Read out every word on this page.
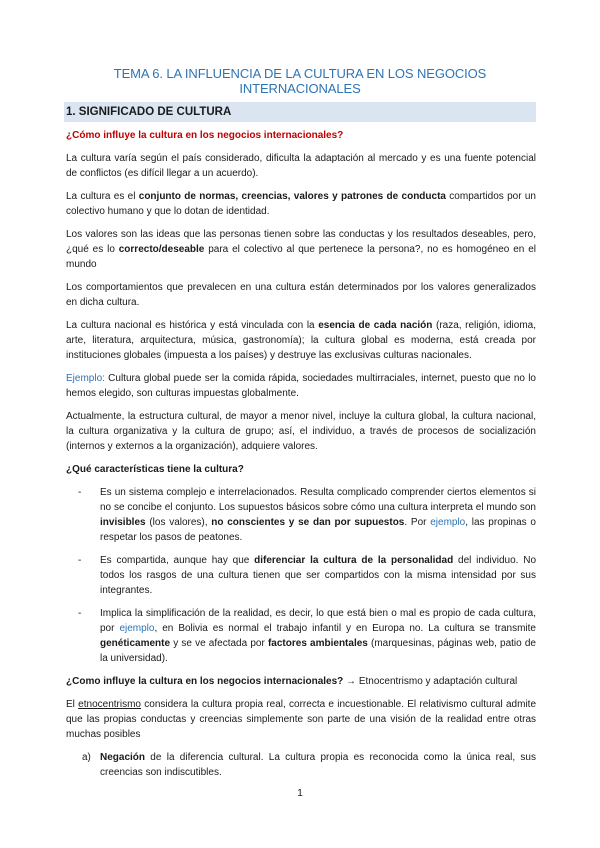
TEMA 6. LA INFLUENCIA DE LA CULTURA EN LOS NEGOCIOS INTERNACIONALES
1. SIGNIFICADO DE CULTURA

¿Cómo influye la cultura en los negocios internacionales?

La cultura varía según el país considerado, dificulta la adaptación al mercado y es una fuente potencial de conflictos (es difícil llegar a un acuerdo).

La cultura es el conjunto de normas, creencias, valores y patrones de conducta compartidos por un colectivo humano y que lo dotan de identidad.

Los valores son las ideas que las personas tienen sobre las conductas y los resultados deseables, pero, ¿qué es lo correcto/deseable para el colectivo al que pertenece la persona?, no es homogéneo en el mundo

Los comportamientos que prevalecen en una cultura están determinados por los valores generalizados en dicha cultura.

La cultura nacional es histórica y está vinculada con la esencia de cada nación (raza, religión, idioma, arte, literatura, arquitectura, música, gastronomía); la cultura global es moderna, está creada por instituciones globales (impuesta a los países) y destruye las exclusivas culturas nacionales.

Ejemplo: Cultura global puede ser la comida rápida, sociedades multirraciales, internet, puesto que no lo hemos elegido, son culturas impuestas globalmente.

Actualmente, la estructura cultural, de mayor a menor nivel, incluye la cultura global, la cultura nacional, la cultura organizativa y la cultura de grupo; así, el individuo, a través de procesos de socialización (internos y externos a la organización), adquiere valores.

¿Qué características tiene la cultura?

- Es un sistema complejo e interrelacionados. Resulta complicado comprender ciertos elementos si no se concibe el conjunto. Los supuestos básicos sobre cómo una cultura interpreta el mundo son invisibles (los valores), no conscientes y se dan por supuestos. Por ejemplo, las propinas o respetar los pasos de peatones.
- Es compartida, aunque hay que diferenciar la cultura de la personalidad del individuo. No todos los rasgos de una cultura tienen que ser compartidos con la misma intensidad por sus integrantes.
- Implica la simplificación de la realidad, es decir, lo que está bien o mal es propio de cada cultura, por ejemplo, en Bolivia es normal el trabajo infantil y en Europa no. La cultura se transmite genéticamente y se ve afectada por factores ambientales (marquesinas, páginas web, patio de la universidad).

¿Como influye la cultura en los negocios internacionales? → Etnocentrismo y adaptación cultural

El etnocentrismo considera la cultura propia real, correcta e incuestionable. El relativismo cultural admite que las propias conductas y creencias simplemente son parte de una visión de la realidad entre otras muchas posibles

a) Negación de la diferencia cultural. La cultura propia es reconocida como la única real, sus creencias son indiscutibles.
1
